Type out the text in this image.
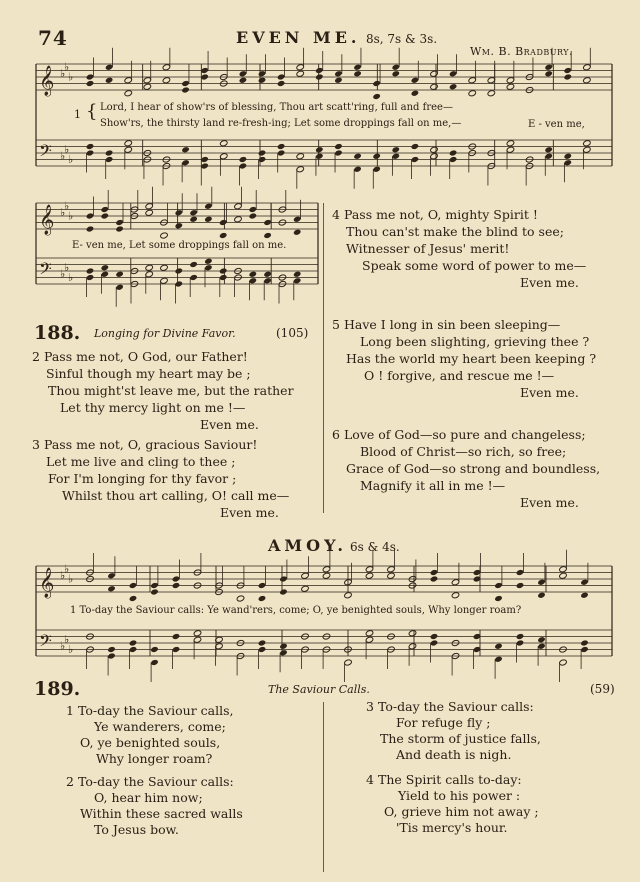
𝄞
𝄢
♭
♭
♭
♭
♭
♭
𝄞
𝄢
♭
♭
♭
♭
♭
♭
𝄞
𝄢
♭
♭
♭
♭
♭
♭
74	EVEN ME. 8s, 7s & 3s.
Wm. B. Bradbury.
1 { Lord, I hear of show'rs of blessing, Thou art scatt'ring, full and free—
Show'rs, the thirsty land re-fresh-ing; Let some droppings fall on me,—	E - ven me,
E- ven me, Let some droppings fall on me.
188. Longing for Divine Favor.	(105)
2 Pass me not, O God, our Father!
Sinful though my heart may be ;
Thou might'st leave me, but the rather
Let thy mercy light on me !—
Even me.
3 Pass me not, O, gracious Saviour!
Let me live and cling to thee ;
For I'm longing for thy favor ;
Whilst thou art calling, O! call me—
Even me.
4 Pass me not, O, mighty Spirit !
Thou can'st make the blind to see;
Witnesser of Jesus' merit!
Speak some word of power to me—
Even me.
5 Have I long in sin been sleeping—
Long been slighting, grieving thee ?
Has the world my heart been keeping ?
O ! forgive, and rescue me !—
Even me.
6 Love of God—so pure and changeless;
Blood of Christ—so rich, so free;
Grace of God—so strong and boundless,
Magnify it all in me !—
Even me.
AMOY. 6s & 4s.
1 To-day the Saviour calls: Ye wand'rers, come; O, ye benighted souls, Why longer roam?
189.	The Saviour Calls.	(59)
1 To-day the Saviour calls,
Ye wanderers, come;
O, ye benighted souls,
Why longer roam?
2 To-day the Saviour calls:
O, hear him now;
Within these sacred walls
To Jesus bow.
3 To-day the Saviour calls:
For refuge fly ;
The storm of justice falls,
And death is nigh.
4 The Spirit calls to-day:
Yield to his power :
O, grieve him not away ;
'Tis mercy's hour.
